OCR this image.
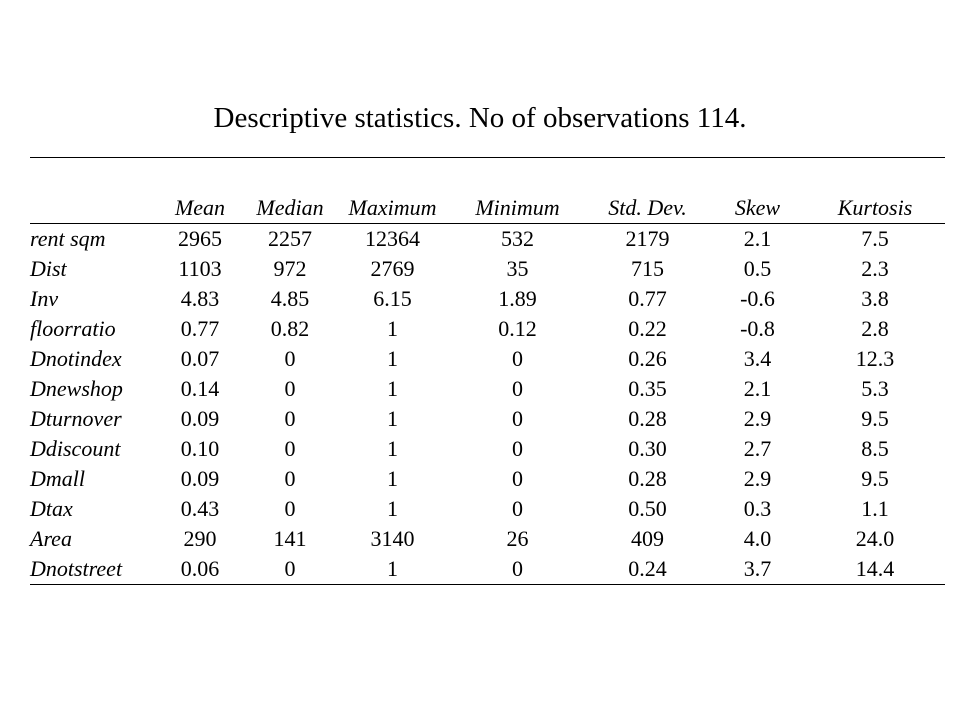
Descriptive statistics. No of observations 114.
	Mean	Median	Maximum	Minimum	Std. Dev.	Skew	Kurtosis
rent sqm	2965	2257	12364	532	2179	2.1	7.5
Dist	1103	972	2769	35	715	0.5	2.3
Inv	4.83	4.85	6.15	1.89	0.77	-0.6	3.8
floorratio	0.77	0.82	1	0.12	0.22	-0.8	2.8
Dnotindex	0.07	0	1	0	0.26	3.4	12.3
Dnewshop	0.14	0	1	0	0.35	2.1	5.3
Dturnover	0.09	0	1	0	0.28	2.9	9.5
Ddiscount	0.10	0	1	0	0.30	2.7	8.5
Dmall	0.09	0	1	0	0.28	2.9	9.5
Dtax	0.43	0	1	0	0.50	0.3	1.1
Area	290	141	3140	26	409	4.0	24.0
Dnotstreet	0.06	0	1	0	0.24	3.7	14.4
